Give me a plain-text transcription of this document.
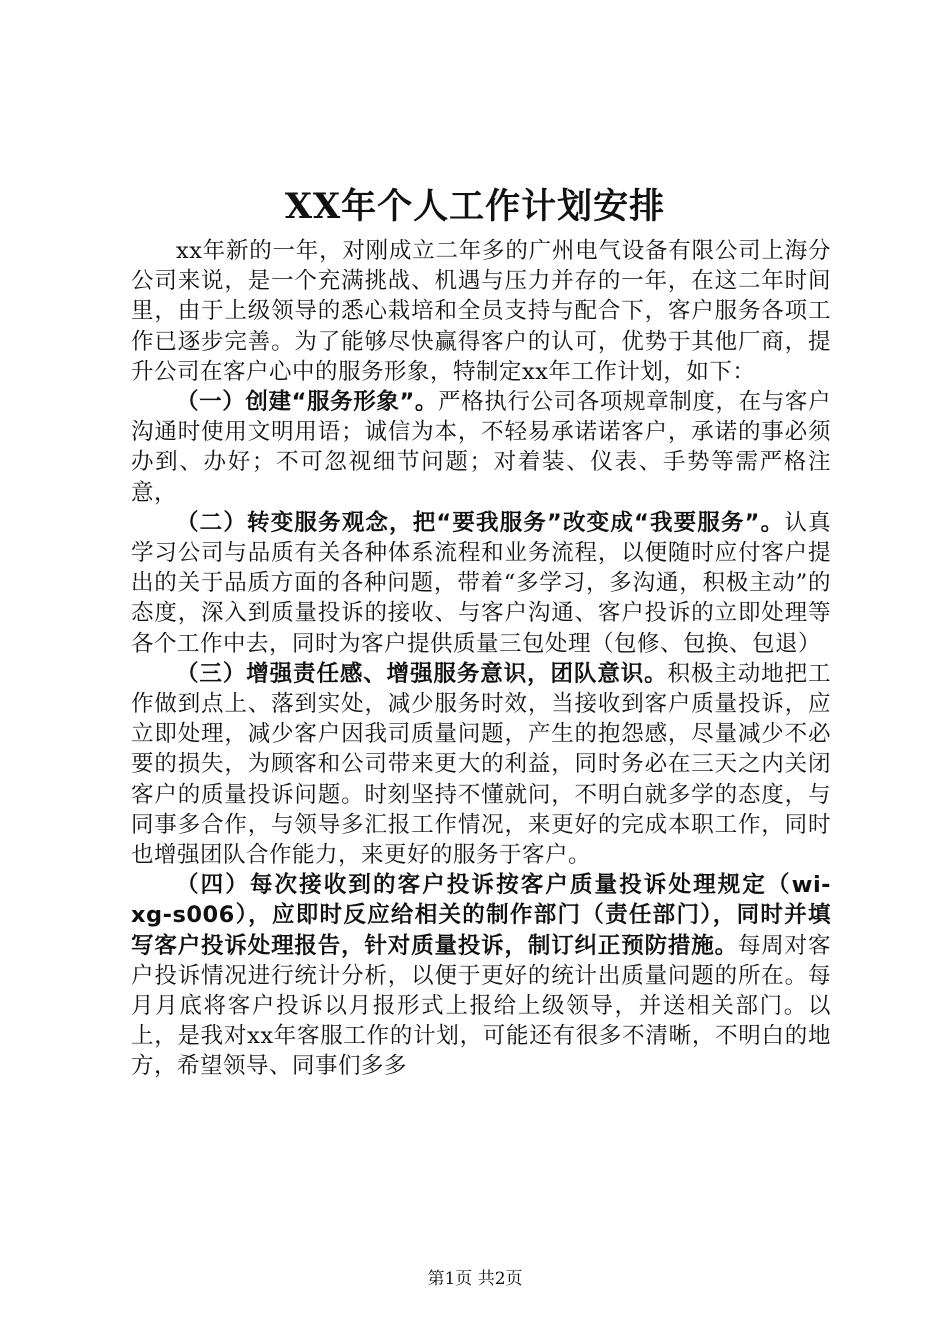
XX年个人工作计划安排

xx年新的一年，对刚成立二年多的广州电气设备有限公司上海分公司来说，是一个充满挑战、机遇与压力并存的一年，在这二年时间里，由于上级领导的悉心栽培和全员支持与配合下，客户服务各项工作已逐步完善。为了能够尽快赢得客户的认可，优势于其他厂商，提升公司在客户心中的服务形象，特制定xx年工作计划，如下：

（一）创建“服务形象”。严格执行公司各项规章制度，在与客户沟通时使用文明用语；诚信为本，不轻易承诺诺客户，承诺的事必须办到、办好；不可忽视细节问题；对着装、仪表、手势等需严格注意，

（二）转变服务观念，把“要我服务”改变成“我要服务”。认真学习公司与品质有关各种体系流程和业务流程，以便随时应付客户提出的关于品质方面的各种问题，带着“多学习，多沟通，积极主动”的态度，深入到质量投诉的接收、与客户沟通、客户投诉的立即处理等各个工作中去，同时为客户提供质量三包处理（包修、包换、包退）

（三）增强责任感、增强服务意识，团队意识。积极主动地把工作做到点上、落到实处，减少服务时效，当接收到客户质量投诉，应立即处理，减少客户因我司质量问题，产生的抱怨感，尽量减少不必要的损失，为顾客和公司带来更大的利益，同时务必在三天之内关闭客户的质量投诉问题。时刻坚持不懂就问，不明白就多学的态度，与同事多合作，与领导多汇报工作情况，来更好的完成本职工作，同时也增强团队合作能力，来更好的服务于客户。

（四）每次接收到的客户投诉按客户质量投诉处理规定（wi-xg-s006），应即时反应给相关的制作部门（责任部门），同时并填写客户投诉处理报告，针对质量投诉，制订纠正预防措施。每周对客户投诉情况进行统计分析，以便于更好的统计出质量问题的所在。每月月底将客户投诉以月报形式上报给上级领导，并送相关部门。以上，是我对xx年客服工作的计划，可能还有很多不清晰，不明白的地方，希望领导、同事们多多

第1页 共2页
